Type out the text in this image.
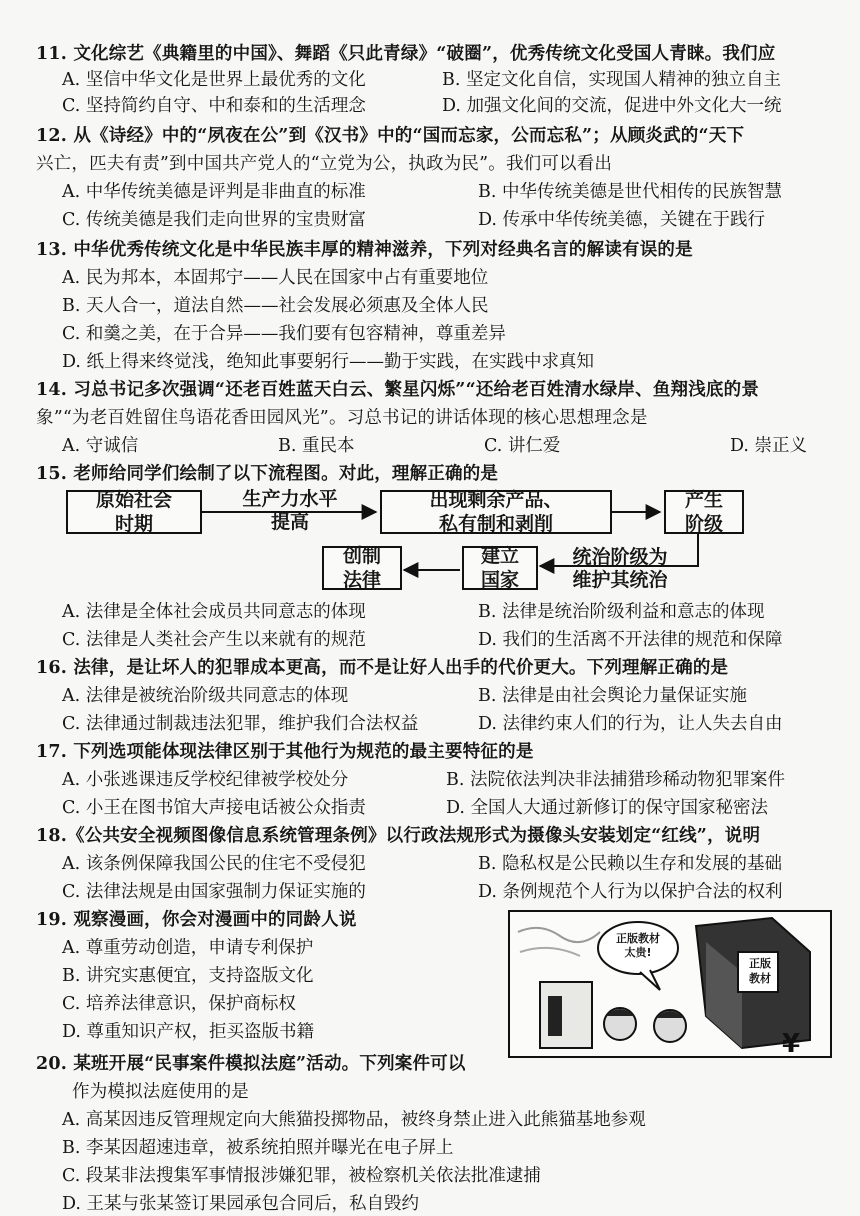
11. 文化综艺《典籍里的中国》、舞蹈《只此青绿》“破圈”，优秀传统文化受国人青睐。我们应
A. 坚信中华文化是世界上最优秀的文化	B. 坚定文化自信，实现国人精神的独立自主
C. 坚持简约自守、中和泰和的生活理念	D. 加强文化间的交流，促进中外文化大一统
12. 从《诗经》中的“夙夜在公”到《汉书》中的“国而忘家，公而忘私”；从顾炎武的“天下
兴亡，匹夫有责”到中国共产党人的“立党为公，执政为民”。我们可以看出
A. 中华传统美德是评判是非曲直的标准	B. 中华传统美德是世代相传的民族智慧
C. 传统美德是我们走向世界的宝贵财富	D. 传承中华传统美德，关键在于践行
13. 中华优秀传统文化是中华民族丰厚的精神滋养，下列对经典名言的解读有误的是
A. 民为邦本，本固邦宁——人民在国家中占有重要地位
B. 天人合一，道法自然——社会发展必须惠及全体人民
C. 和羹之美，在于合异——我们要有包容精神，尊重差异
D. 纸上得来终觉浅，绝知此事要躬行——勤于实践，在实践中求真知
14. 习总书记多次强调“还老百姓蓝天白云、繁星闪烁”“还给老百姓清水绿岸、鱼翔浅底的景
象”“为老百姓留住鸟语花香田园风光”。习总书记的讲话体现的核心思想理念是
A. 守诚信	B. 重民本	C. 讲仁爱	D. 崇正义
15. 老师给同学们绘制了以下流程图。对此，理解正确的是
原始社会
时期
生产力水平
提高
出现剩余产品、
私有制和剥削
产生
阶级
统治阶级为
维护其统治
建立
国家
创制
法律
A. 法律是全体社会成员共同意志的体现	B. 法律是统治阶级利益和意志的体现
C. 法律是人类社会产生以来就有的规范	D. 我们的生活离不开法律的规范和保障
16. 法律，是让坏人的犯罪成本更高，而不是让好人出手的代价更大。下列理解正确的是
A. 法律是被统治阶级共同意志的体现	B. 法律是由社会舆论力量保证实施
C. 法律通过制裁违法犯罪，维护我们合法权益	D. 法律约束人们的行为，让人失去自由
17. 下列选项能体现法律区别于其他行为规范的最主要特征的是
A. 小张逃课违反学校纪律被学校处分	B. 法院依法判决非法捕猎珍稀动物犯罪案件
C. 小王在图书馆大声接电话被公众指责	D. 全国人大通过新修订的保守国家秘密法
18.《公共安全视频图像信息系统管理条例》以行政法规形式为摄像头安装划定“红线”，说明
A. 该条例保障我国公民的住宅不受侵犯	B. 隐私权是公民赖以生存和发展的基础
C. 法律法规是由国家强制力保证实施的	D. 条例规范个人行为以保护合法的权利
19. 观察漫画，你会对漫画中的同龄人说
A. 尊重劳动创造，申请专利保护
B. 讲究实惠便宜，支持盗版文化
C. 培养法律意识，保护商标权
D. 尊重知识产权，拒买盗版书籍	¥
正版教材
太贵!
正版
教材
20. 某班开展“民事案件模拟法庭”活动。下列案件可以
作为模拟法庭使用的是
A. 高某因违反管理规定向大熊猫投掷物品，被终身禁止进入此熊猫基地参观
B. 李某因超速违章，被系统拍照并曝光在电子屏上
C. 段某非法搜集军事情报涉嫌犯罪，被检察机关依法批准逮捕
D. 王某与张某签订果园承包合同后，私自毁约
